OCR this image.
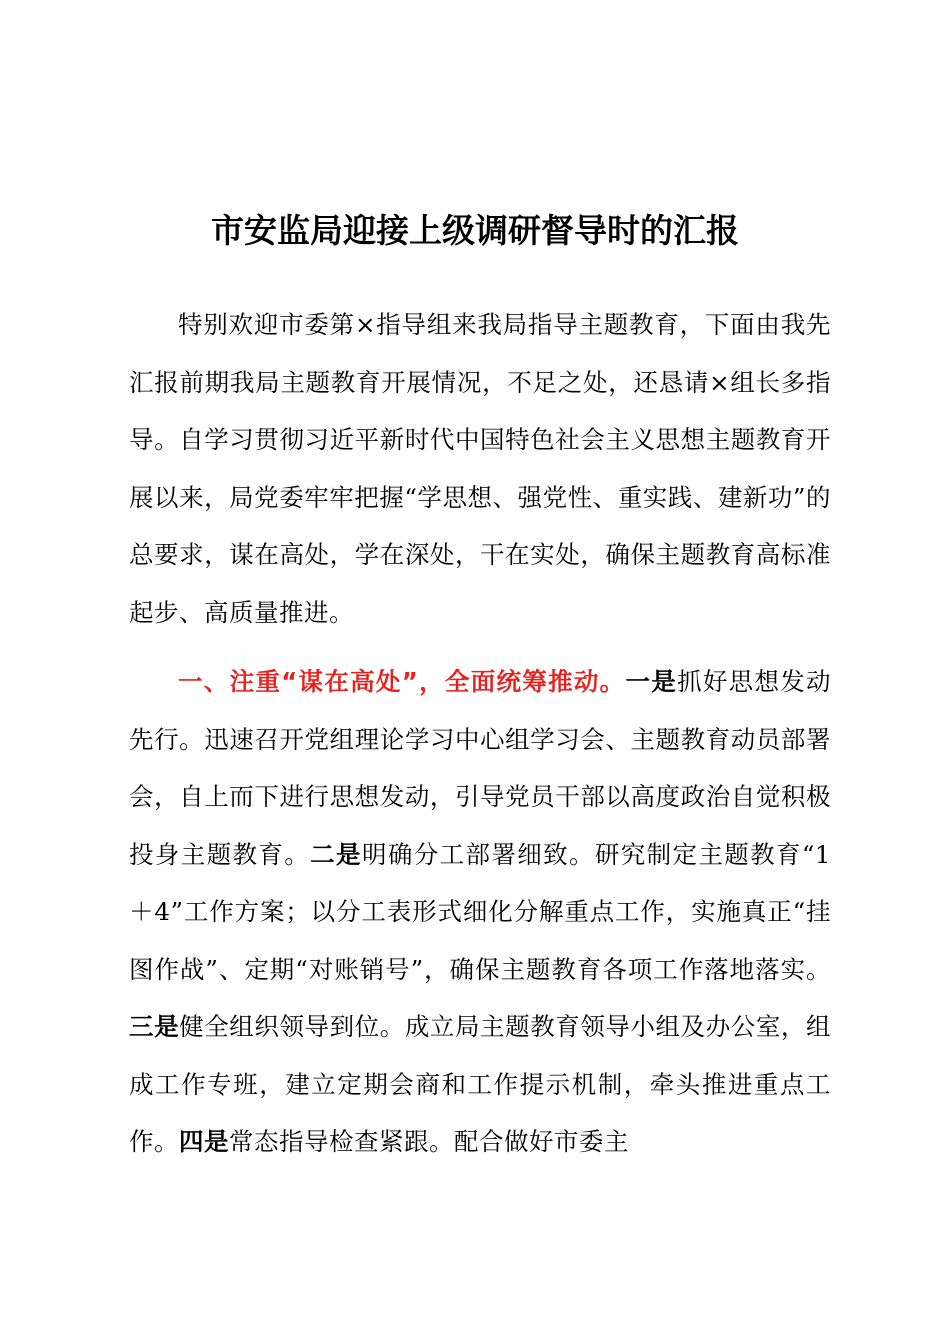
市安监局迎接上级调研督导时的汇报

特别欢迎市委第×指导组来我局指导主题教育，下面由我先汇报前期我局主题教育开展情况，不足之处，还恳请×组长多指导。自学习贯彻习近平新时代中国特色社会主义思想主题教育开展以来，局党委牢牢把握“学思想、强党性、重实践、建新功”的总要求，谋在高处，学在深处，干在实处，确保主题教育高标准起步、高质量推进。

一、注重“谋在高处”，全面统筹推动。一是抓好思想发动先行。迅速召开党组理论学习中心组学习会、主题教育动员部署会，自上而下进行思想发动，引导党员干部以高度政治自觉积极投身主题教育。二是明确分工部署细致。研究制定主题教育“1＋4”工作方案；以分工表形式细化分解重点工作，实施真正“挂图作战”、定期“对账销号”，确保主题教育各项工作落地落实。三是健全组织领导到位。成立局主题教育领导小组及办公室，组成工作专班，建立定期会商和工作提示机制，牵头推进重点工作。四是常态指导检查紧跟。配合做好市委主
